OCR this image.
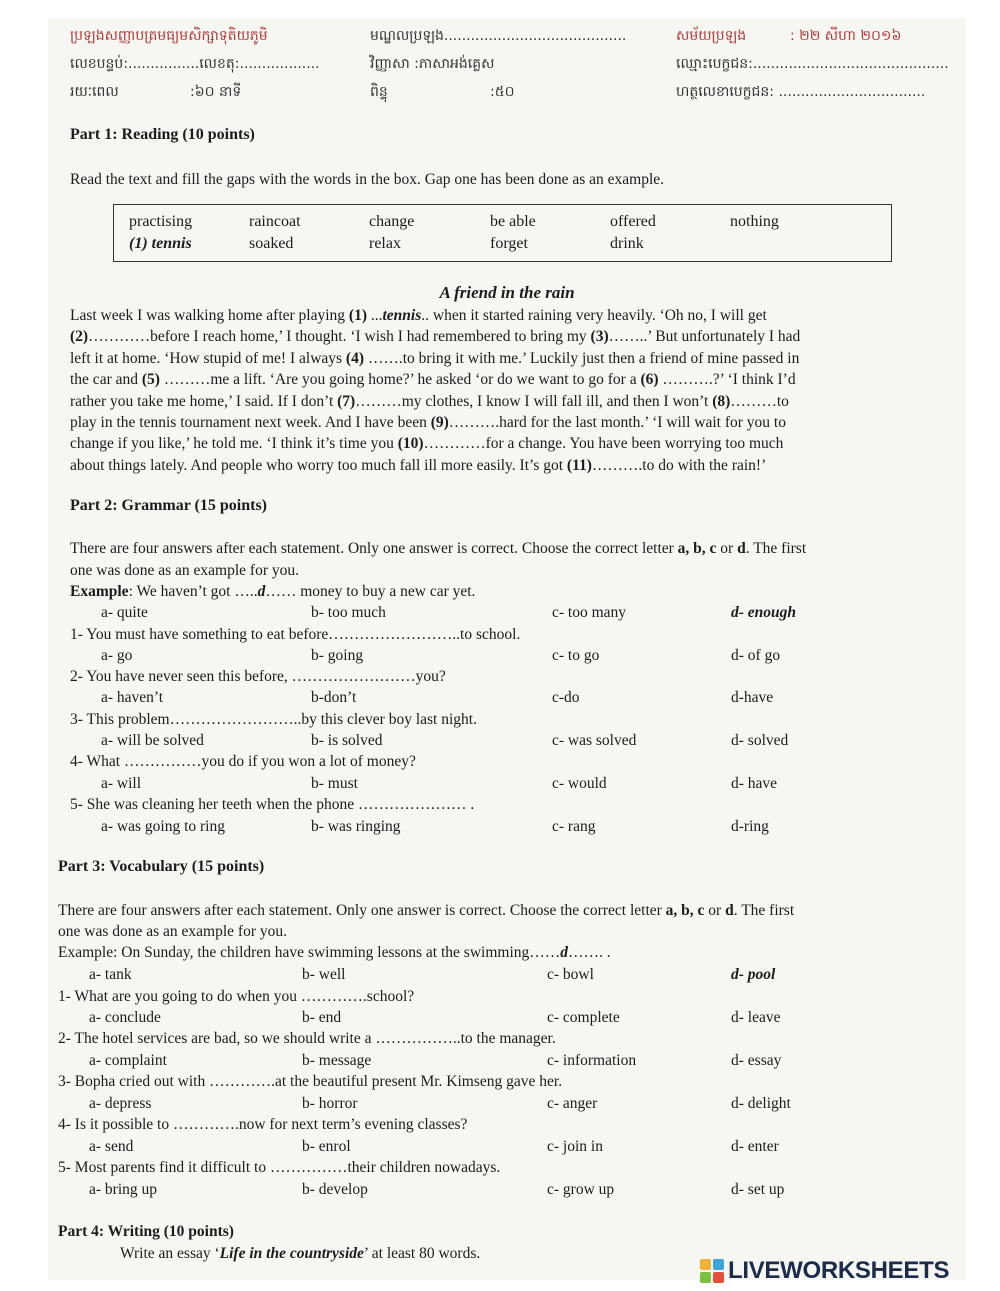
ប្រឡងសញ្ញាបត្រមធ្យមសិក្សាទុតិយភូមិ	មណ្ឌលប្រឡង.........................................	សម័យប្រឡង	: ២២ សីហា ២០១៦
លេខបន្ទប់:................លេខតុ:..................	វិញ្ញាសា :ភាសាអង់គ្លេស	ឈ្មោះបេក្ខជន:............................................
រយៈពេល	:៦០ នាទី	ពិន្ទុ	:៥០	ហត្ថលេខាបេក្ខជន: .................................
Part 1: Reading (10 points)
Read the text and fill the gaps with the words in the box. Gap one has been done as an example.
practising	raincoat	change	be able	offered	nothing
(1) tennis	soaked	relax	forget	drink
A friend in the rain
Last week I was walking home after playing (1) ...tennis.. when it started raining very heavily. ‘Oh no, I will get
(2)…………before I reach home,’ I thought. ‘I wish I had remembered to bring my (3)……..’ But unfortunately I had
left it at home. ‘How stupid of me! I always (4) …….to bring it with me.’ Luckily just then a friend of mine passed in
the car and (5) ………me a lift. ‘Are you going home?’ he asked ‘or do we want to go for a (6) ……….?’ ‘I think I’d
rather you take me home,’ I said. If I don’t (7)………my clothes, I know I will fall ill, and then I won’t (8)………to
play in the tennis tournament next week. And I have been (9)……….hard for the last month.’ ‘I will wait for you to
change if you like,’ he told me. ‘I think it’s time you (10)…………for a change. You have been worrying too much
about things lately. And people who worry too much fall ill more easily. It’s got (11)……….to do with the rain!’
Part 2: Grammar (15 points)
There are four answers after each statement. Only one answer is correct. Choose the correct letter a, b, c or d. The first
one was done as an example for you.
Example: We haven’t got …..d…… money to buy a new car yet.
a- quite	b- too much	c- too many	d- enough
1- You must have something to eat before……………………..to school.
a- go	b- going	c- to go	d- of go
2- You have never seen this before, ……………………you?
a- haven’t	b-don’t	c-do	d-have
3- This problem……………………..by this clever boy last night.
a- will be solved	b- is solved	c- was solved	d- solved
4- What ……………you do if you won a lot of money?
a- will	b- must	c- would	d- have
5- She was cleaning her teeth when the phone ………………… .
a- was going to ring	b- was ringing	c- rang	d-ring
Part 3: Vocabulary (15 points)
There are four answers after each statement. Only one answer is correct. Choose the correct letter a, b, c or d. The first
one was done as an example for you.
Example: On Sunday, the children have swimming lessons at the swimming……d……. .
a- tank	b- well	c- bowl	d- pool
1- What are you going to do when you ………….school?
a- conclude	b- end	c- complete	d- leave
2- The hotel services are bad, so we should write a ……………..to the manager.
a- complaint	b- message	c- information	d- essay
3- Bopha cried out with ………….at the beautiful present Mr. Kimseng gave her.
a- depress	b- horror	c- anger	d- delight
4- Is it possible to ………….now for next term’s evening classes?
a- send	b- enrol	c- join in	d- enter
5- Most parents find it difficult to ……………their children nowadays.
a- bring up	b- develop	c- grow up	d- set up
Part 4: Writing (10 points)
Write an essay ‘Life in the countryside’ at least 80 words.
LIVEWORKSHEETS
